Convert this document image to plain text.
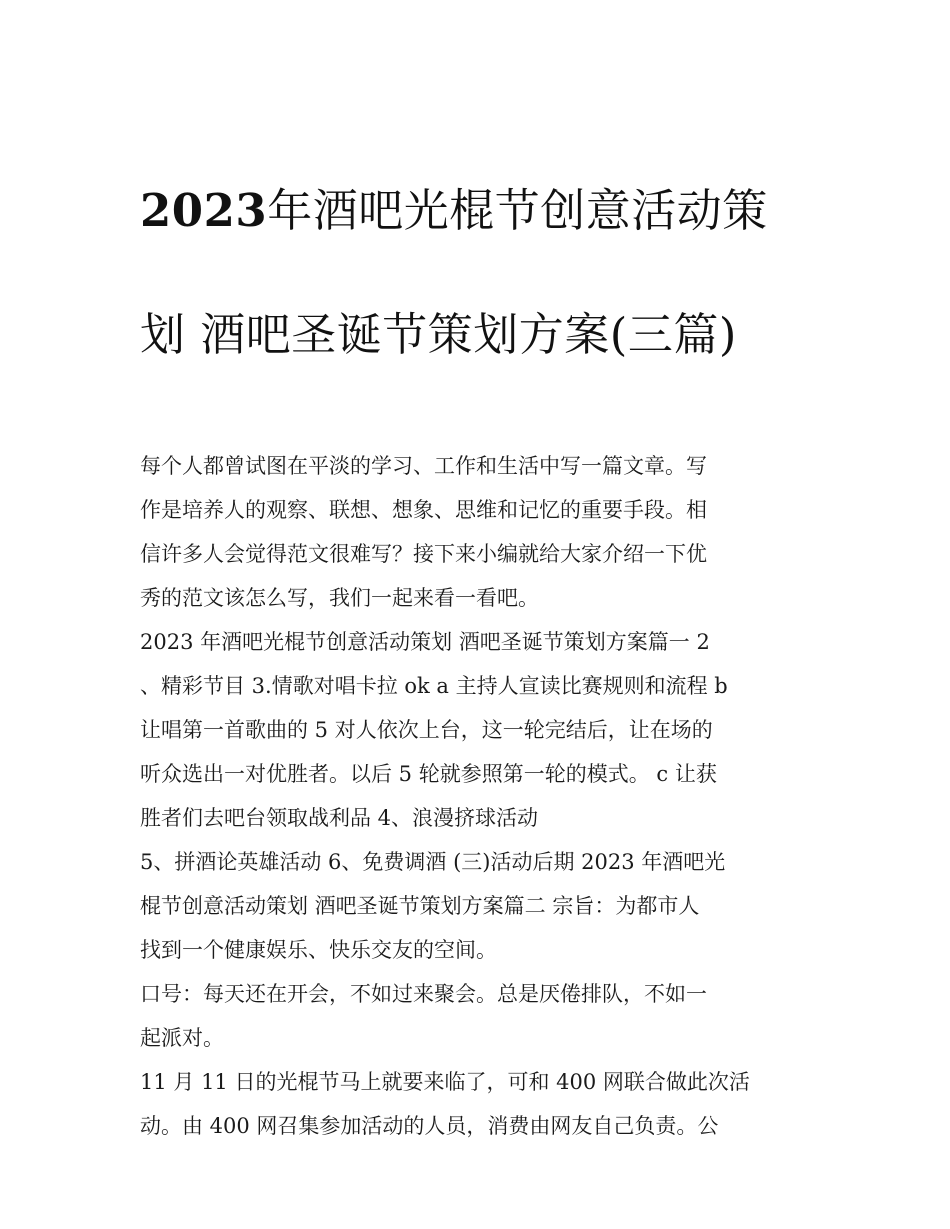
2023年酒吧光棍节创意活动策

划 酒吧圣诞节策划方案(三篇)

每个人都曾试图在平淡的学习、工作和生活中写一篇文章。写
作是培养人的观察、联想、想象、思维和记忆的重要手段。相
信许多人会觉得范文很难写？接下来小编就给大家介绍一下优
秀的范文该怎么写，我们一起来看一看吧。

2023 年酒吧光棍节创意活动策划 酒吧圣诞节策划方案篇一 2
、精彩节目 3.情歌对唱卡拉 ok a 主持人宣读比赛规则和流程 b
让唱第一首歌曲的 5 对人依次上台，这一轮完结后，让在场的
听众选出一对优胜者。以后 5 轮就参照第一轮的模式。 c 让获
胜者们去吧台领取战利品 4、浪漫挤球活动

5、拼酒论英雄活动 6、免费调酒 (三)活动后期 2023 年酒吧光
棍节创意活动策划 酒吧圣诞节策划方案篇二 宗旨：为都市人
找到一个健康娱乐、快乐交友的空间。

口号：每天还在开会，不如过来聚会。总是厌倦排队，不如一
起派对。

11 月 11 日的光棍节马上就要来临了，可和 400 网联合做此次活
动。由 400 网召集参加活动的人员，消费由网友自己负责。公
